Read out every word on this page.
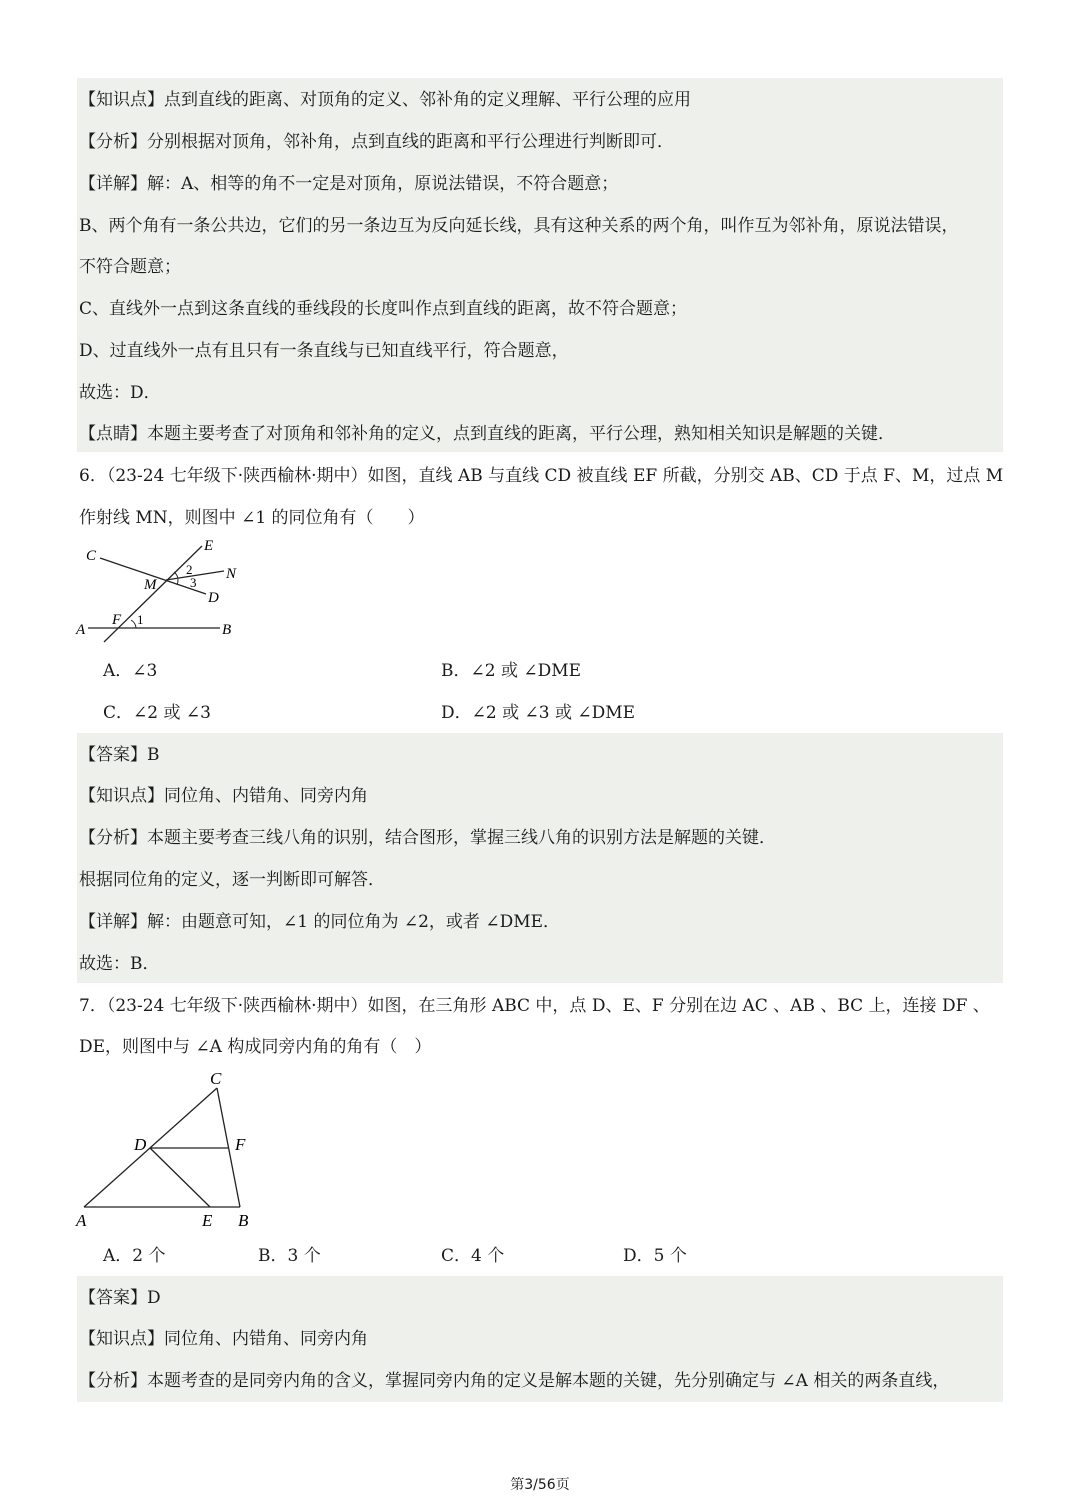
【知识点】点到直线的距离、对顶角的定义、邻补角的定义理解、平行公理的应用
【分析】分别根据对顶角，邻补角，点到直线的距离和平行公理进行判断即可．
【详解】解：A、相等的角不一定是对顶角，原说法错误，不符合题意；
B、两个角有一条公共边，它们的另一条边互为反向延长线，具有这种关系的两个角，叫作互为邻补角，原说法错误，
不符合题意；
C、直线外一点到这条直线的垂线段的长度叫作点到直线的距离，故不符合题意；
D、过直线外一点有且只有一条直线与已知直线平行，符合题意，
故选：D．
【点睛】本题主要考查了对顶角和邻补角的定义，点到直线的距离，平行公理，熟知相关知识是解题的关键．
6．（23-24 七年级下·陕西榆林·期中）如图，直线 AB 与直线 CD 被直线 EF 所截，分别交 AB、CD 于点 F、M，过点 M
作射线 MN，则图中 ∠1 的同位角有（　　）
C
E
N
M
D
F
A	B
1
2
3
A．∠3	B．∠2 或 ∠DME
C．∠2 或 ∠3	D．∠2 或 ∠3 或 ∠DME
【答案】B
【知识点】同位角、内错角、同旁内角
【分析】本题主要考查三线八角的识别，结合图形，掌握三线八角的识别方法是解题的关键．
根据同位角的定义，逐一判断即可解答．
【详解】解：由题意可知，∠1 的同位角为 ∠2，或者 ∠DME．
故选：B．
7．（23-24 七年级下·陕西榆林·期中）如图，在三角形 ABC 中，点 D、E、F 分别在边 AC 、AB 、BC 上，连接 DF 、
DE，则图中与 ∠A 构成同旁内角的角有（　）
C
D	F
A	E B
A．2 个	B．3 个	C．4 个	D．5 个
【答案】D
【知识点】同位角、内错角、同旁内角
【分析】本题考查的是同旁内角的含义，掌握同旁内角的定义是解本题的关键，先分别确定与 ∠A 相关的两条直线，
第3/56页
